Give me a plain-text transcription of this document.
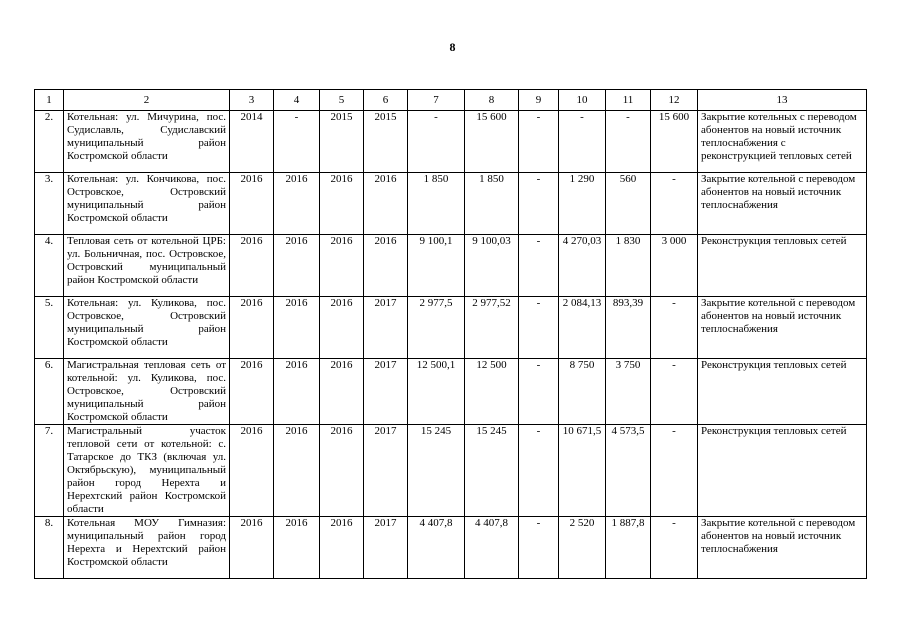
8
1	2	3	4	5	6	7	8	9	10	11	12	13
2.	Котельная: ул. Мичурина, пос. Судиславль, Судиславский муниципальный район Костромской области	2014	-	2015	2015	-	15 600	-	-	-	15 600	Закрытие котельных с переводом абонентов на новый источник теплоснабжения с реконструкцией тепловых сетей
3.	Котельная: ул. Кончикова, пос. Островское, Островский муниципальный район Костромской области	2016	2016	2016	2016	1 850	1 850	-	1 290	560	-	Закрытие котельной с переводом абонентов на новый источник теплоснабжения
4.	Тепловая сеть от котельной ЦРБ: ул. Больничная, пос. Островское, Островский муниципальный район Костромской области	2016	2016	2016	2016	9 100,1	9 100,03	-	4 270,03	1 830	3 000	Реконструкция тепловых сетей
5.	Котельная: ул. Куликова, пос. Островское, Островский муниципальный район Костромской области	2016	2016	2016	2017	2 977,5	2 977,52	-	2 084,13	893,39	-	Закрытие котельной с переводом абонентов на новый источник теплоснабжения
6.	Магистральная тепловая сеть от котельной: ул. Куликова, пос. Островское, Островский муниципальный район Костромской области	2016	2016	2016	2017	12 500,1	12 500	-	8 750	3 750	-	Реконструкция тепловых сетей
7.	Магистральный участок тепловой сети от котельной: с. Татарское до ТКЗ (включая ул. Октябрьскую), муниципальный район город Нерехта и Нерехтский район Костромской области	2016	2016	2016	2017	15 245	15 245	-	10 671,5	4 573,5	-	Реконструкция тепловых сетей
8.	Котельная МОУ Гимназия: муниципальный район город Нерехта и Нерехтский район Костромской области	2016	2016	2016	2017	4 407,8	4 407,8	-	2 520	1 887,8	-	Закрытие котельной с переводом абонентов на новый источник теплоснабжения
